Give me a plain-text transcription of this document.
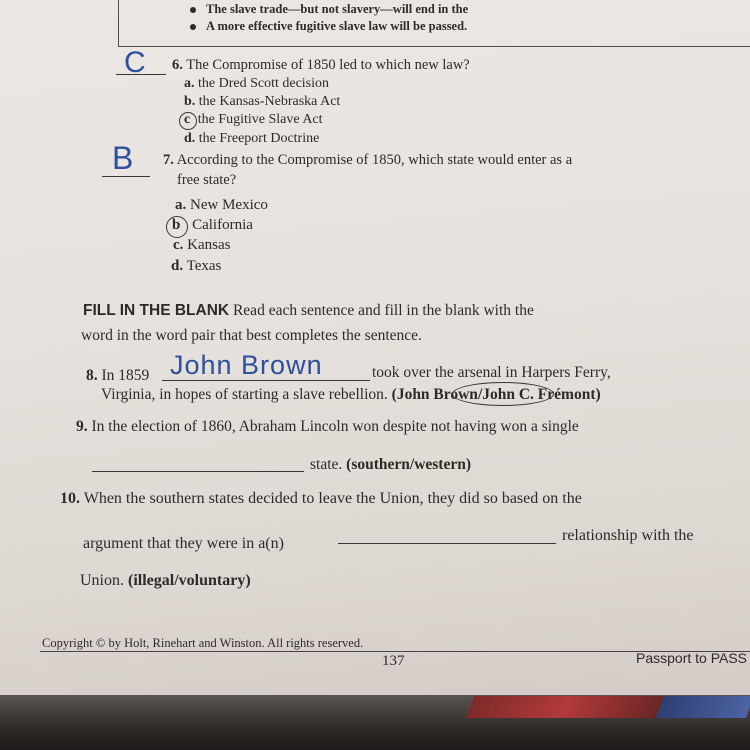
The slave trade—but not slavery—will end in the
A more effective fugitive slave law will be passed.
C 6. The Compromise of 1850 led to which new law?
a. the Dred Scott decision
b. the Kansas-Nebraska Act
c the Fugitive Slave Act
d. the Freeport Doctrine
B 7. According to the Compromise of 1850, which state would enter as a
free state?
a. New Mexico
b California
c. Kansas
d. Texas
FILL IN THE BLANK Read each sentence and fill in the blank with the
word in the word pair that best completes the sentence.
8. In 1859 John Brown	took over the arsenal in Harpers Ferry,
Virginia, in hopes of starting a slave rebellion. (John Brown/John C. Frémont)
9. In the election of 1860, Abraham Lincoln won despite not having won a single
state. (southern/western)
10. When the southern states decided to leave the Union, they did so based on the
argument that they were in a(n)	relationship with the
Union. (illegal/voluntary)
Copyright © by Holt, Rinehart and Winston. All rights reserved.
137	Passport to PASS
